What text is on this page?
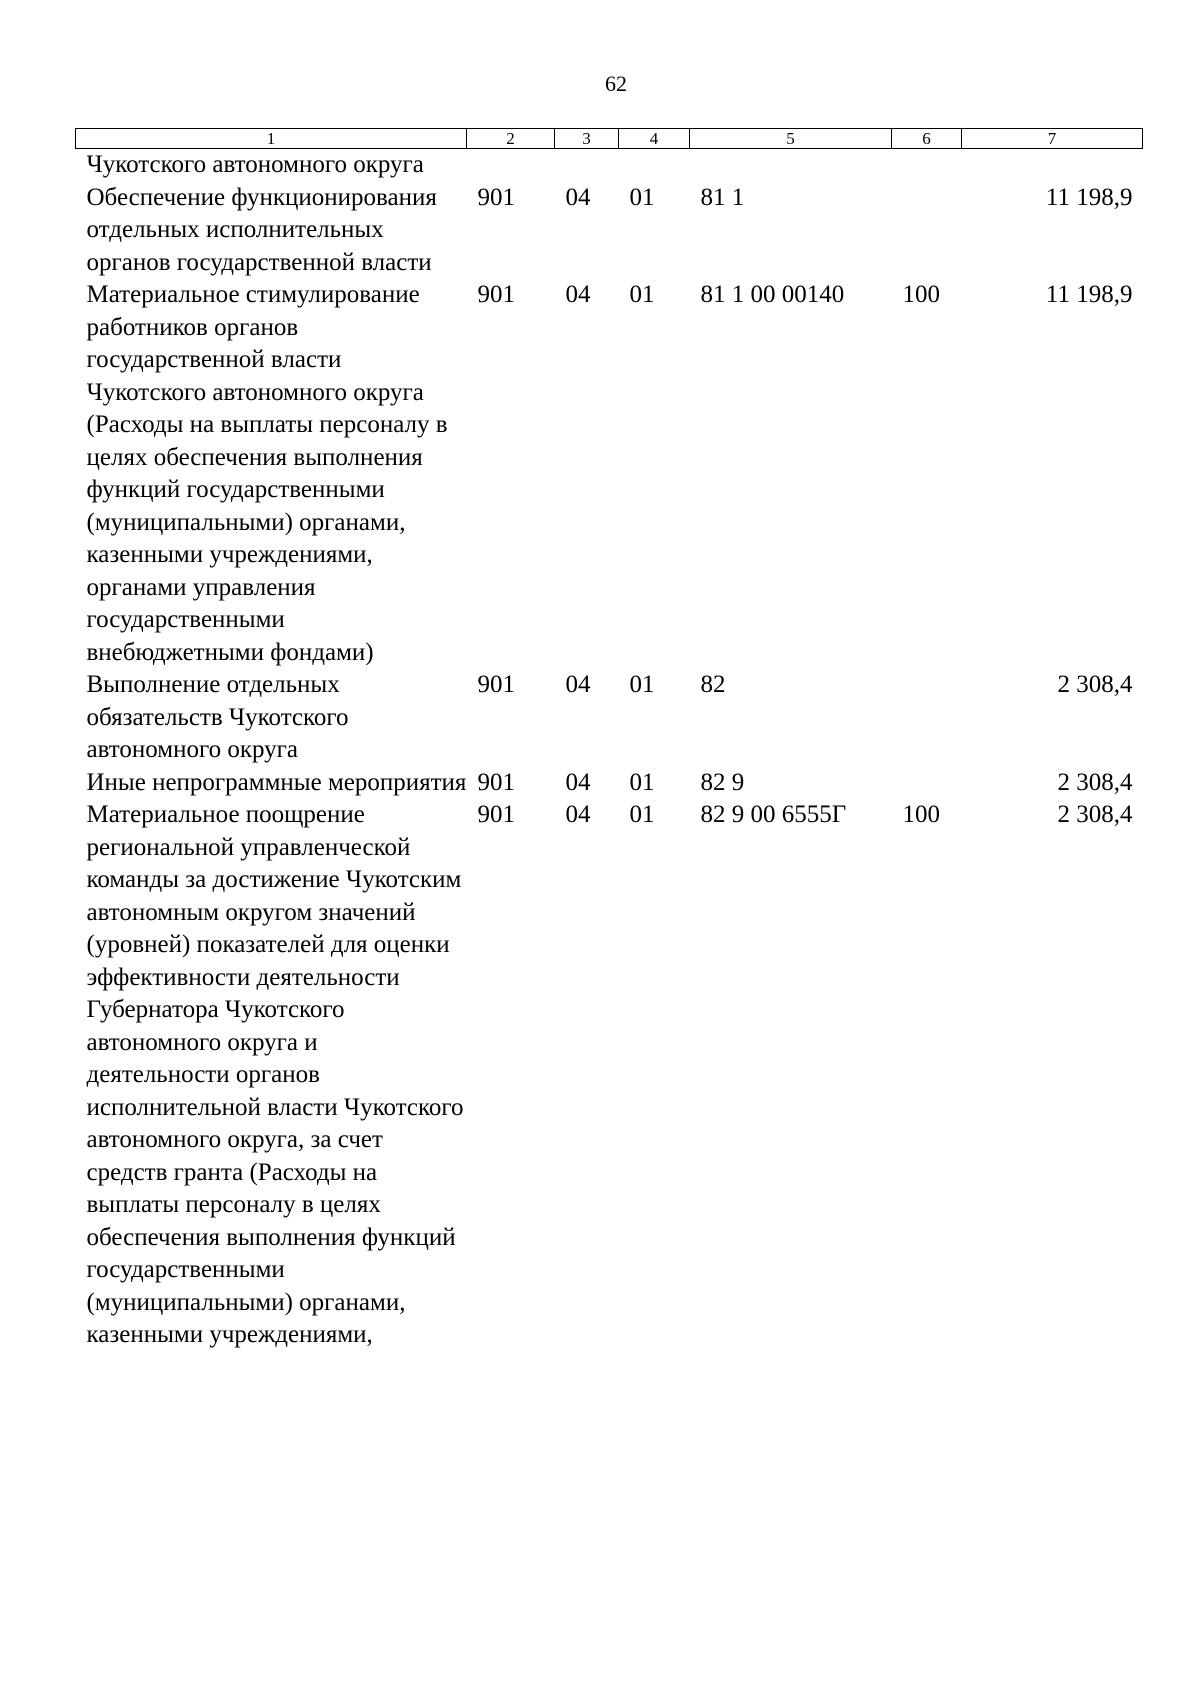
62
1	2	3	4	5	6	7
Чукотского автономного округа						
Обеспечение функционирования отдельных исполнительных органов государственной власти	901	04	01	81 1		11 198,9
Материальное стимулирование работников органов государственной власти Чукотского автономного округа (Расходы на выплаты персоналу в целях обеспечения выполнения функций государственными (муниципальными) органами, казенными учреждениями, органами управления государственными внебюджетными фондами)	901	04	01	81 1 00 00140	100	11 198,9
Выполнение отдельных обязательств Чукотского автономного округа	901	04	01	82		2 308,4
Иные непрограммные мероприятия	901	04	01	82 9		2 308,4
Материальное поощрение региональной управленческой команды за достижение Чукотским автономным округом значений (уровней) показателей для оценки эффективности деятельности Губернатора Чукотского автономного округа и деятельности органов исполнительной власти Чукотского автономного округа, за счет средств гранта (Расходы на выплаты персоналу в целях обеспечения выполнения функций государственными (муниципальными) органами, казенными учреждениями,	901	04	01	82 9 00 6555Г	100	2 308,4
